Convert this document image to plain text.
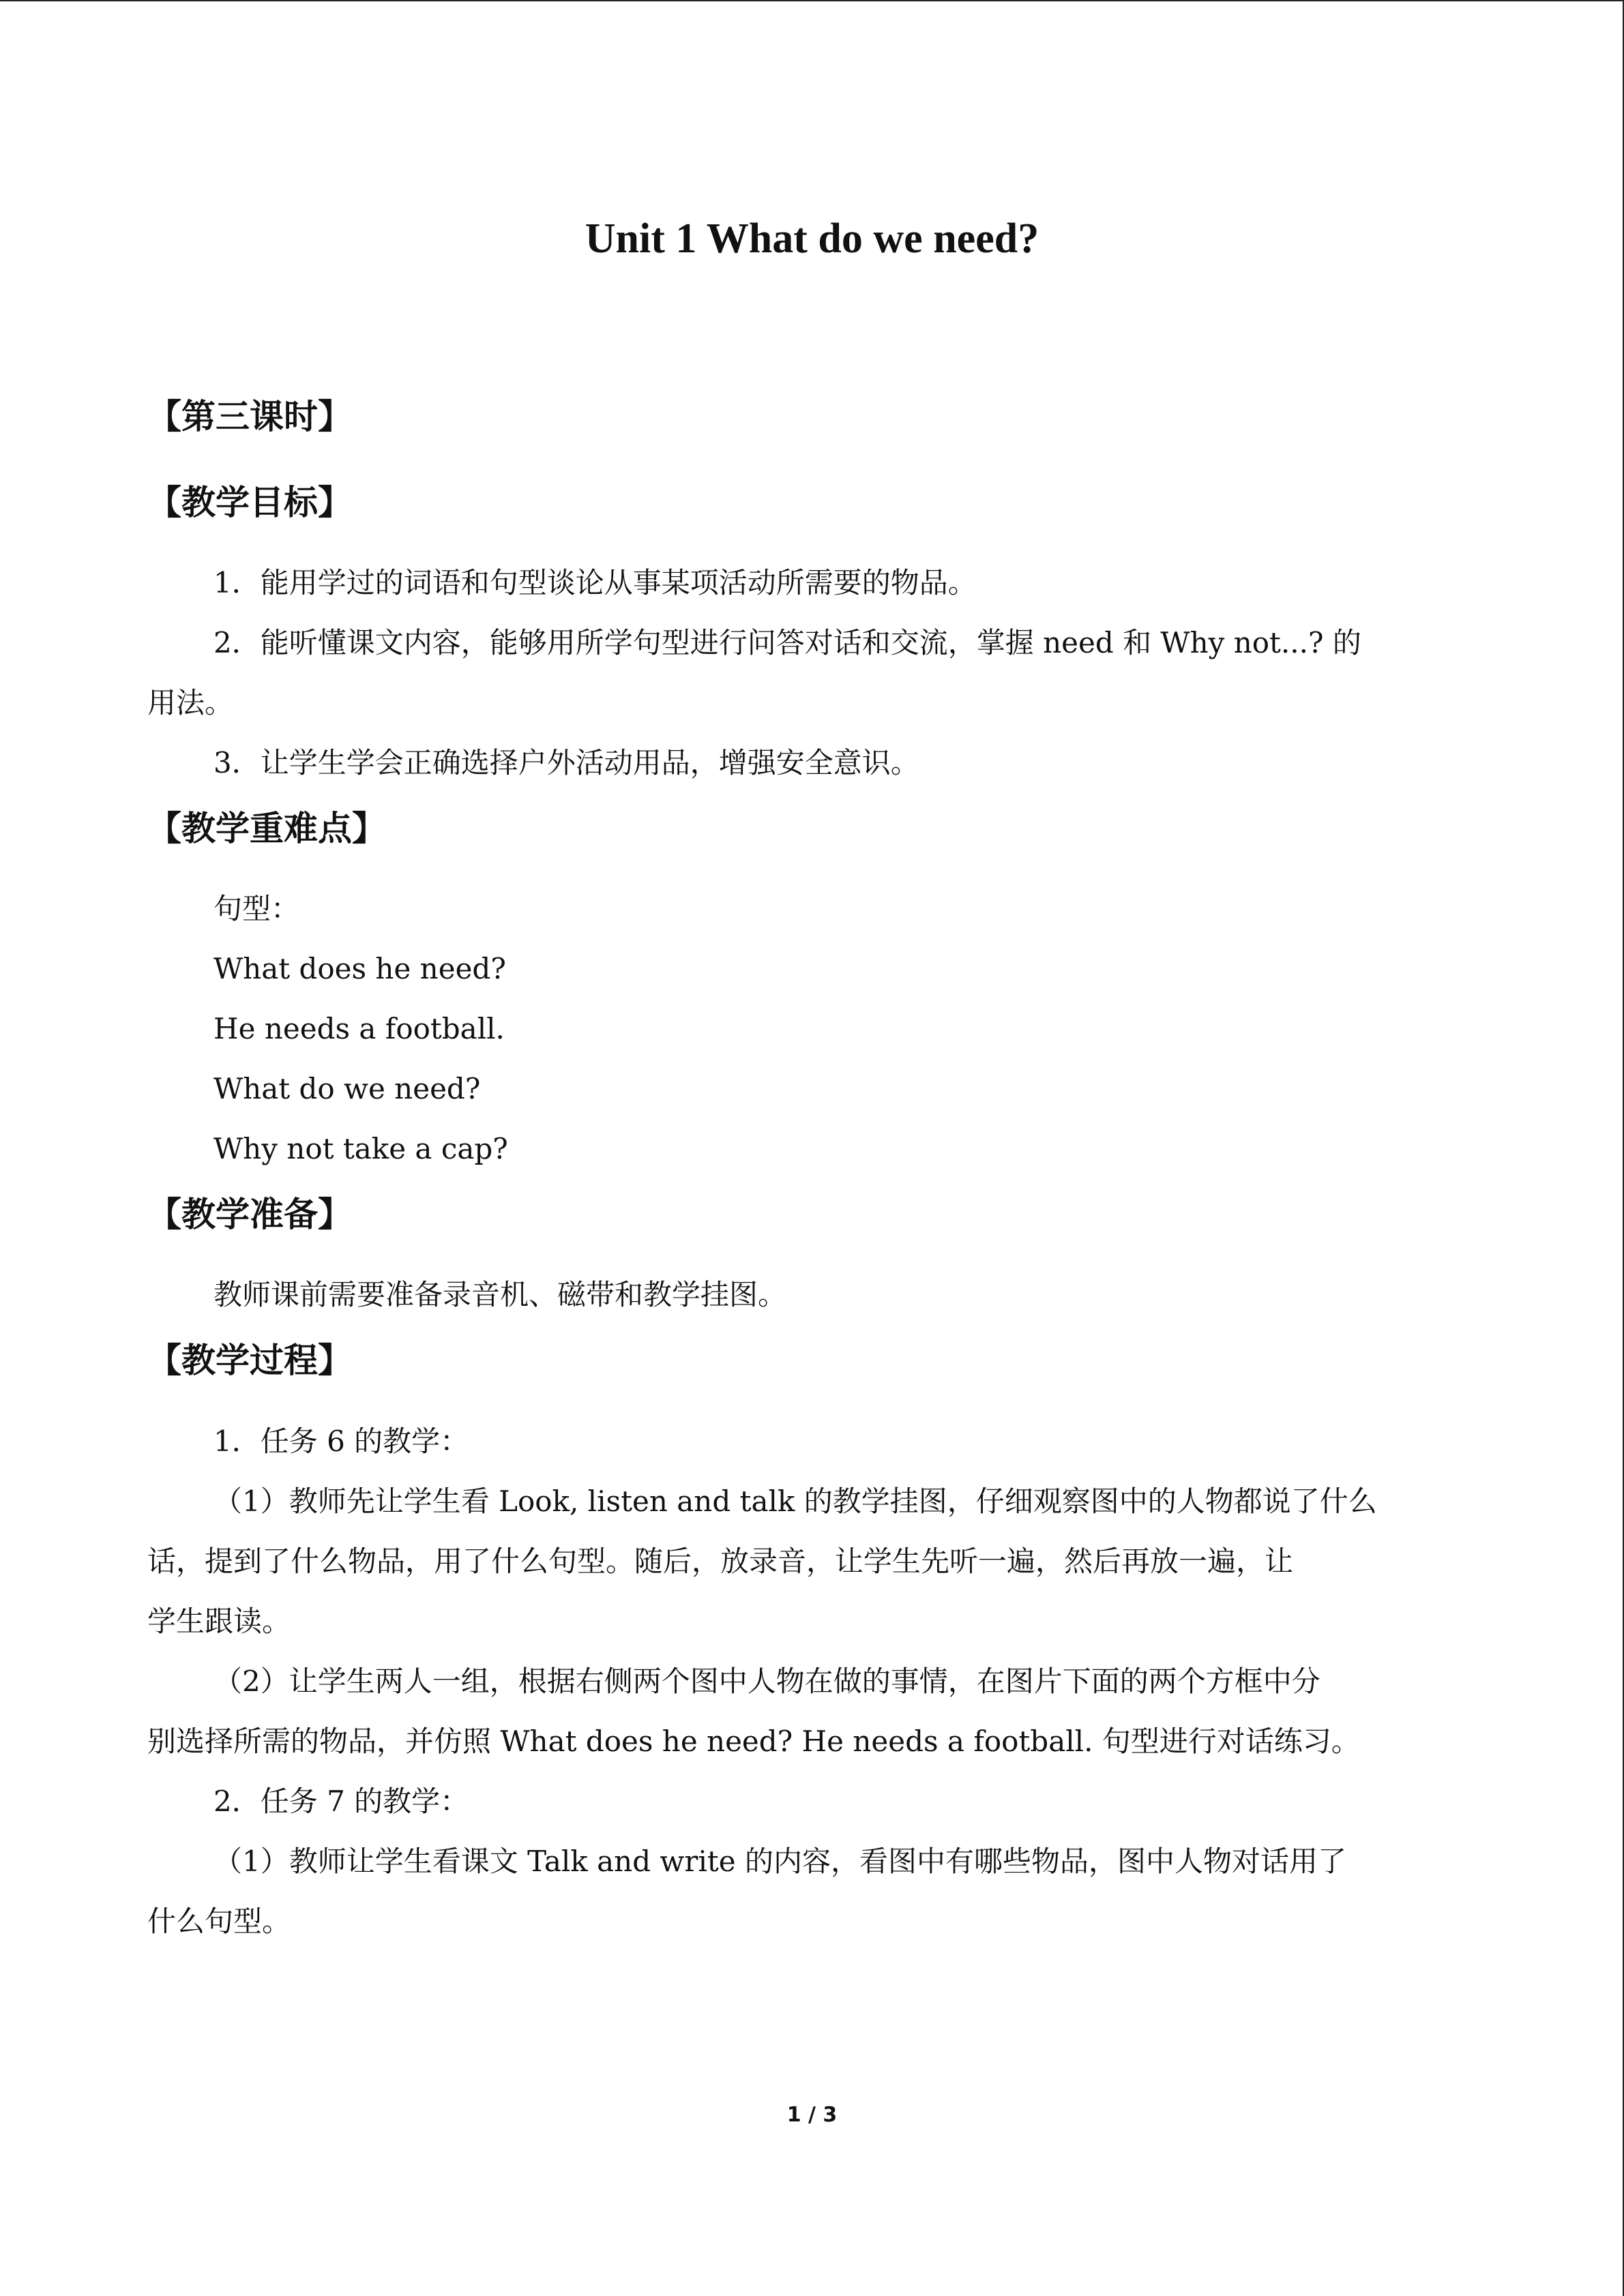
Unit 1 What do we need?
【第三课时】
【教学目标】
1．能用学过的词语和句型谈论从事某项活动所需要的物品。
2．能听懂课文内容，能够用所学句型进行问答对话和交流，掌握 need 和 Why not...? 的
用法。
3．让学生学会正确选择户外活动用品，增强安全意识。
【教学重难点】
句型：
What does he need?
He needs a football.
What do we need?
Why not take a cap?
【教学准备】
教师课前需要准备录音机、磁带和教学挂图。
【教学过程】
1．任务 6 的教学：
（1）教师先让学生看 Look, listen and talk 的教学挂图，仔细观察图中的人物都说了什么
话，提到了什么物品，用了什么句型。随后，放录音，让学生先听一遍，然后再放一遍，让
学生跟读。
（2）让学生两人一组，根据右侧两个图中人物在做的事情，在图片下面的两个方框中分
别选择所需的物品，并仿照 What does he need? He needs a football. 句型进行对话练习。
2．任务 7 的教学：
（1）教师让学生看课文 Talk and write 的内容，看图中有哪些物品，图中人物对话用了
什么句型。
1 / 3
